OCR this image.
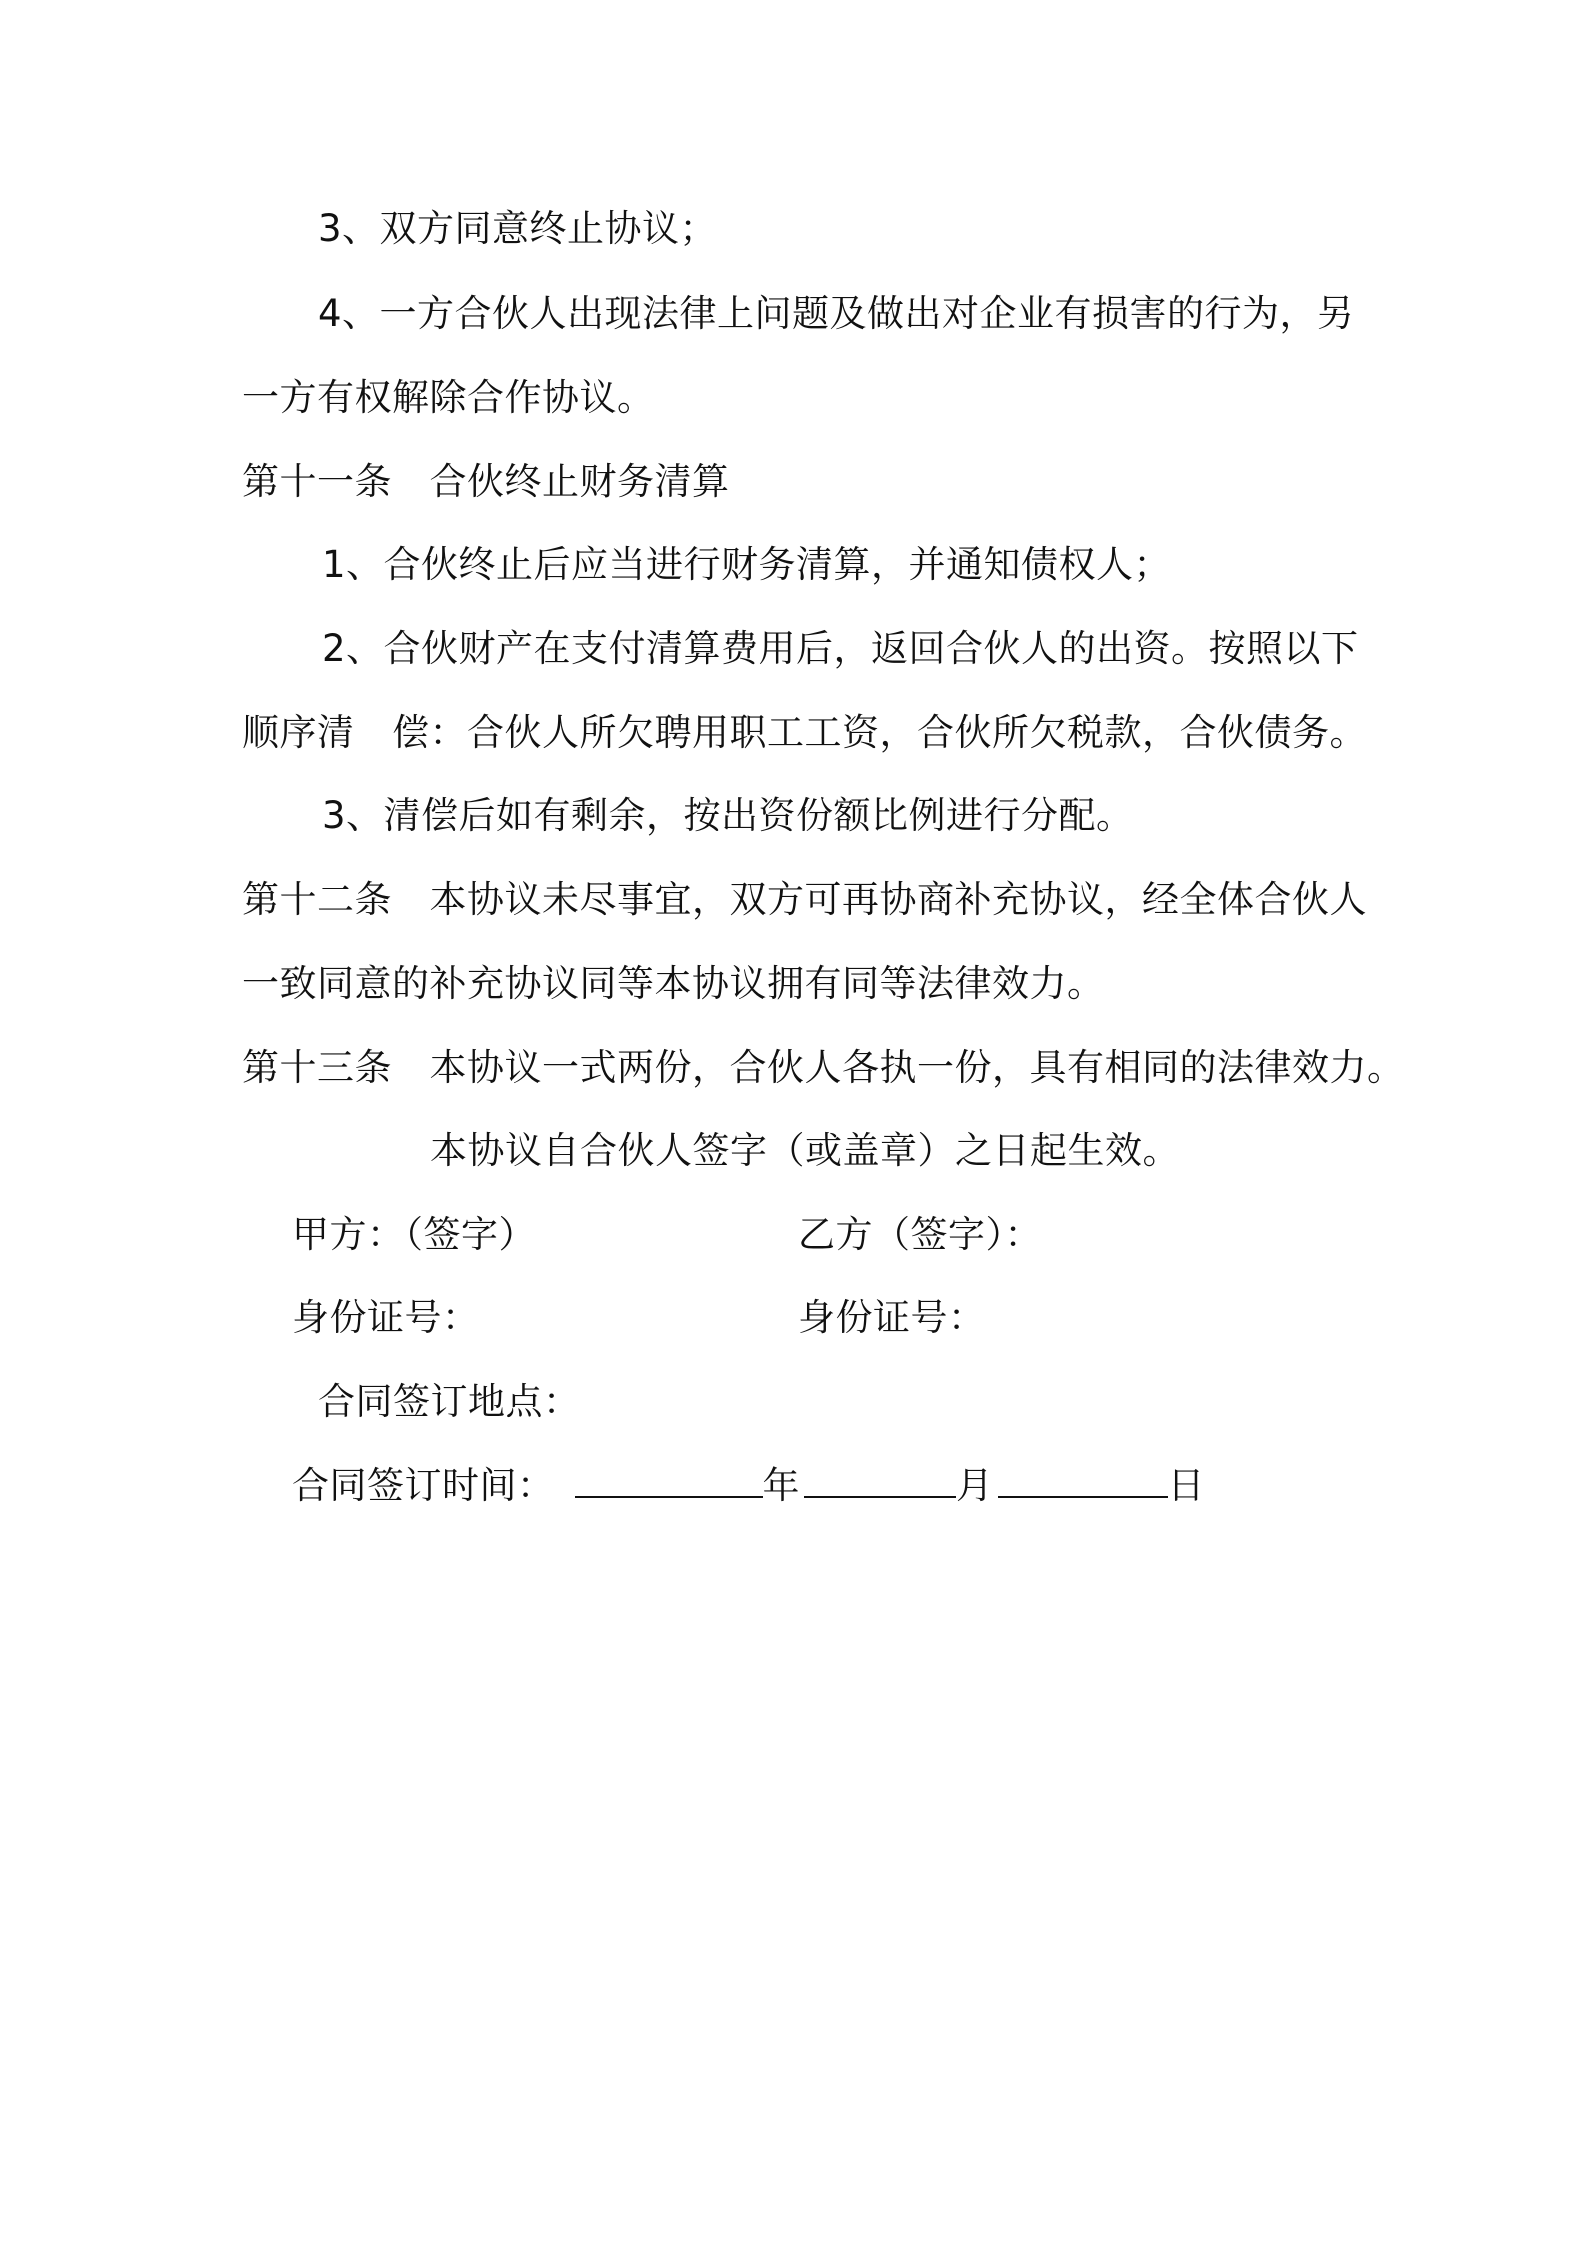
3、双方同意终止协议；
4、一方合伙人出现法律上问题及做出对企业有损害的行为，另
一方有权解除合作协议。
第十一条　合伙终止财务清算
1、合伙终止后应当进行财务清算，并通知债权人；
2、合伙财产在支付清算费用后，返回合伙人的出资。按照以下
顺序清　偿：合伙人所欠聘用职工工资，合伙所欠税款，合伙债务。
3、清偿后如有剩余，按出资份额比例进行分配。
第十二条　本协议未尽事宜，双方可再协商补充协议，经全体合伙人
一致同意的补充协议同等本协议拥有同等法律效力。
第十三条　本协议一式两份，合伙人各执一份，具有相同的法律效力。
本协议自合伙人签字（或盖章）之日起生效。
甲方：（签字）	乙方（签字）：
身份证号：	身份证号：
合同签订地点：
合同签订时间：	年	月	日
